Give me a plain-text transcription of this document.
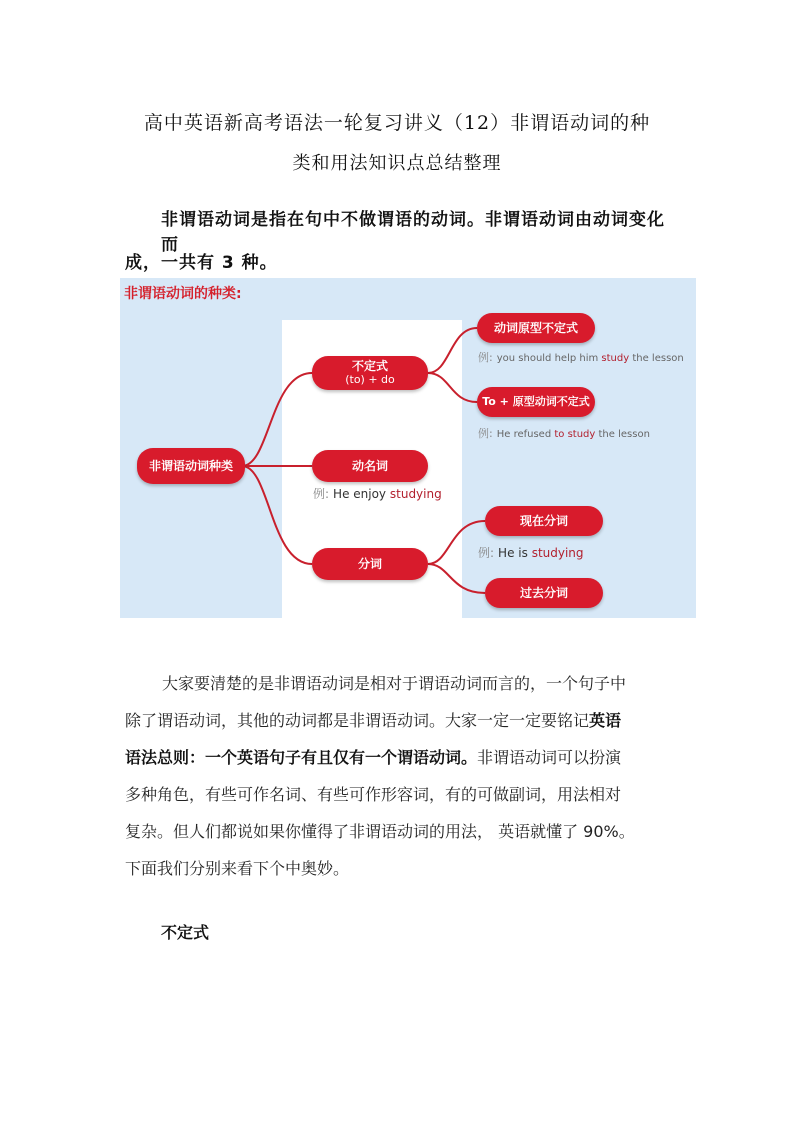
高中英语新高考语法一轮复习讲义（12）非谓语动词的种
类和用法知识点总结整理
非谓语动词是指在句中不做谓语的动词。非谓语动词由动词变化而
成，一共有 3 种。
非谓语动词的种类:
非谓语动词种类
不定式
(to) + do
动词原型不定式
例: you should help him study the lesson
To + 原型动词不定式
例: He refused to study the lesson
动名词
例: He enjoy studying
分词
现在分词
例: He is studying
过去分词
大家要清楚的是非谓语动词是相对于谓语动词而言的，一个句子中
除了谓语动词，其他的动词都是非谓语动词。大家一定一定要铭记英语
语法总则：一个英语句子有且仅有一个谓语动词。非谓语动词可以扮演
多种角色，有些可作名词、有些可作形容词，有的可做副词，用法相对
复杂。但人们都说如果你懂得了非谓语动词的用法， 英语就懂了 90%。
下面我们分别来看下个中奥妙。
不定式
